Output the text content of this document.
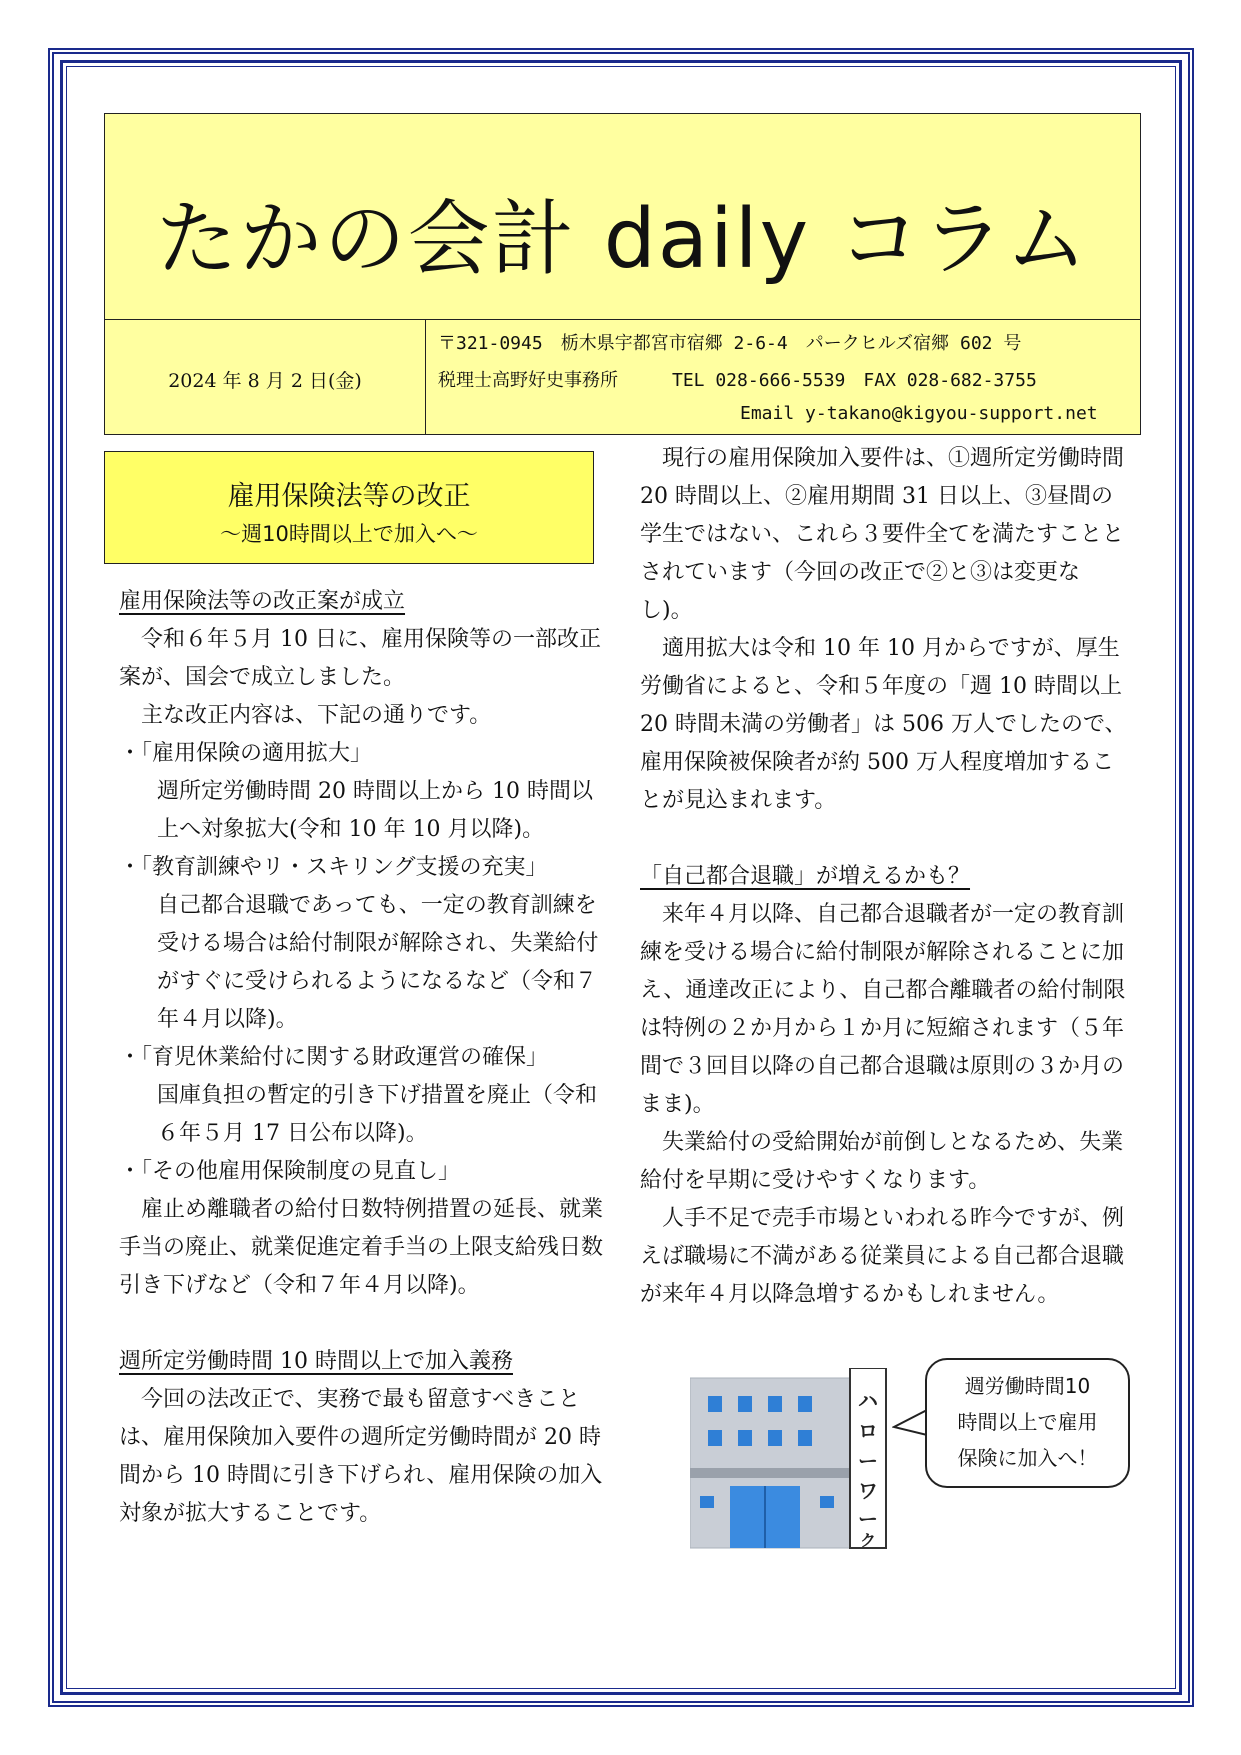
たかの会計 daily コラム
2024 年 8 月 2 日(金)
〒321-0945　栃木県宇都宮市宿郷 2-6-4　パークヒルズ宿郷 602 号
税理士高野好史事務所　　　TEL 028-666-5539　FAX 028-682-3755
Email y-takano@kigyou-support.net
雇用保険法等の改正
～週10時間以上で加入へ～

雇用保険法等の改正案が成立

令和６年５月 10 日に、雇用保険等の一部改正案が、国会で成立しました。

主な改正内容は、下記の通りです。

・「雇用保険の適用拡大」

週所定労働時間 20 時間以上から 10 時間以上へ対象拡大(令和 10 年 10 月以降)。

・「教育訓練やリ・スキリング支援の充実」

自己都合退職であっても、一定の教育訓練を受ける場合は給付制限が解除され、失業給付がすぐに受けられるようになるなど（令和７年４月以降)。

・「育児休業給付に関する財政運営の確保」

国庫負担の暫定的引き下げ措置を廃止（令和６年５月 17 日公布以降)。

・「その他雇用保険制度の見直し」

雇止め離職者の給付日数特例措置の延長、就業手当の廃止、就業促進定着手当の上限支給残日数引き下げなど（令和７年４月以降)。

週所定労働時間 10 時間以上で加入義務

今回の法改正で、実務で最も留意すべきことは、雇用保険加入要件の週所定労働時間が 20 時間から 10 時間に引き下げられ、雇用保険の加入対象が拡大することです。

現行の雇用保険加入要件は、①週所定労働時間 20 時間以上、②雇用期間 31 日以上、③昼間の学生ではない、これら３要件全てを満たすこととされています（今回の改正で②と③は変更なし)。

適用拡大は令和 10 年 10 月からですが、厚生労働省によると、令和５年度の「週 10 時間以上 20 時間未満の労働者」は 506 万人でしたので、雇用保険被保険者が約 500 万人程度増加することが見込まれます。

「自己都合退職」が増えるかも？

来年４月以降、自己都合退職者が一定の教育訓練を受ける場合に給付制限が解除されることに加え、通達改正により、自己都合離職者の給付制限は特例の２か月から１か月に短縮されます（５年間で３回目以降の自己都合退職は原則の３か月のまま)。

失業給付の受給開始が前倒しとなるため、失業給付を早期に受けやすくなります。

人手不足で売手市場といわれる昨今ですが、例えば職場に不満がある従業員による自己都合退職が来年４月以降急増するかもしれません。

ハ
ロ
ー
ワ
ー
ク
週労働時間10
時間以上で雇用
保険に加入へ！
